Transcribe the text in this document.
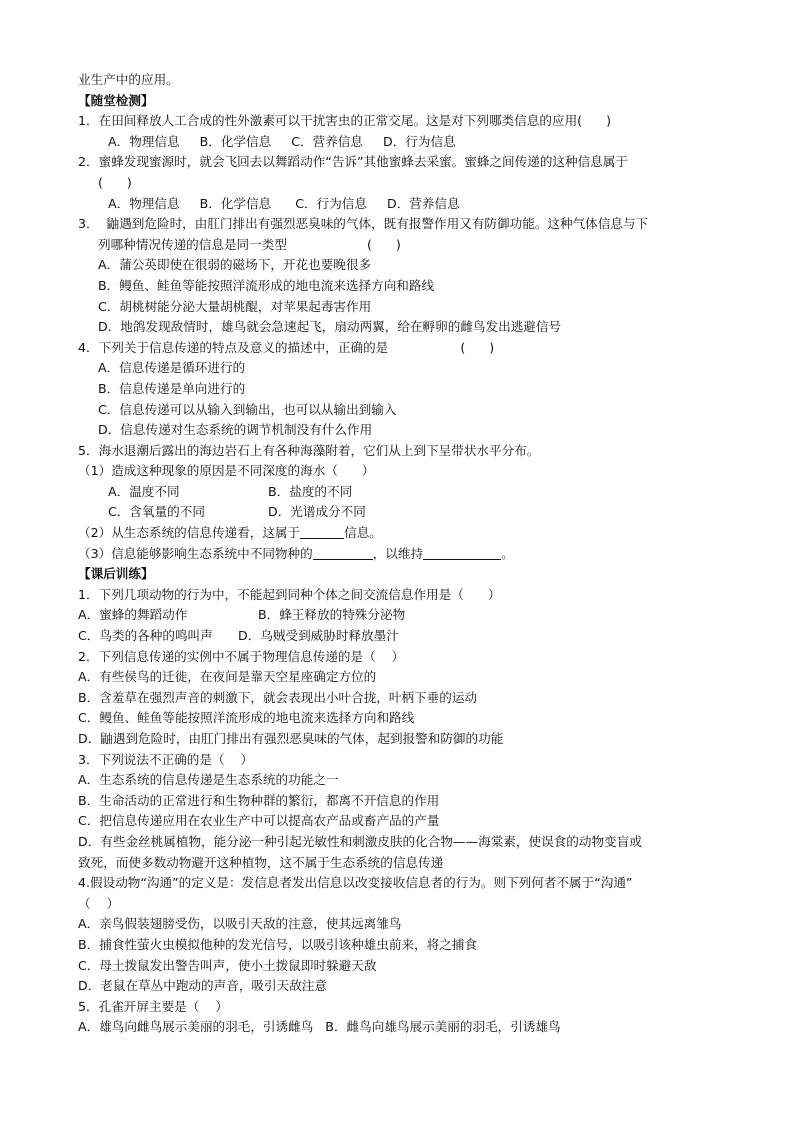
业生产中的应用。
【随堂检测】
1．在田间释放人工合成的性外激素可以干扰害虫的正常交尾。这是对下列哪类信息的应用(      )
A．物理信息     B．化学信息     C．营养信息     D．行为信息
2．蜜蜂发现蜜源时，就会飞回去以舞蹈动作“告诉”其他蜜蜂去采蜜。蜜蜂之间传递的这种信息属于
(      )
A．物理信息     B．化学信息      C．行为信息     D．营养信息
3．  鼬遇到危险时，由肛门排出有强烈恶臭味的气体，既有报警作用又有防御功能。这种气体信息与下
列哪种情况传递的信息是同一类型                    (      )
A．蒲公英即使在很弱的磁场下，开花也要晚很多
B．鳗鱼、鲑鱼等能按照洋流形成的地电流来选择方向和路线
C．胡桃树能分泌大量胡桃醌，对苹果起毒害作用
D．地鸽发现敌情时，雄鸟就会急速起飞，扇动两翼，给在孵卵的雌鸟发出逃避信号
4．下列关于信息传递的特点及意义的描述中，正确的是                  (      )
A．信息传递是循环进行的
B．信息传递是单向进行的
C．信息传递可以从输入到输出，也可以从输出到输入
D．信息传递对生态系统的调节机制没有什么作用
5．海水退潮后露出的海边岩石上有各种海藻附着，它们从上到下呈带状水平分布。
（1）造成这种现象的原因是不同深度的海水（      ）
A．温度不同	B．盐度的不同
C．含氧量的不同	D．光谱成分不同
（2）从生态系统的信息传递看，这属于	信息。
（3）信息能够影响生态系统中不同物种的	，以维持	。
【课后训练】
1．下列几项动物的行为中，不能起到同种个体之间交流信息作用是（      ）
A．蜜蜂的舞蹈动作	B．蜂王释放的特殊分泌物
C．鸟类的各种的鸣叫声 D．乌贼受到威胁时释放墨汁
2．下列信息传递的实例中不属于物理信息传递的是（    ）
A．有些侯鸟的迁徙，在夜间是靠天空星座确定方位的
B．含羞草在强烈声音的刺激下，就会表现出小叶合拢，叶柄下垂的运动
C．鳗鱼、鲑鱼等能按照洋流形成的地电流来选择方向和路线
D．鼬遇到危险时，由肛门排出有强烈恶臭味的气体，起到报警和防御的功能
3．下列说法不正确的是（    ）
A．生态系统的信息传递是生态系统的功能之一
B．生命活动的正常进行和生物种群的繁衍，都离不开信息的作用
C．把信息传递应用在农业生产中可以提高农产品或畜产品的产量
D．有些金丝桃属植物，能分泌一种引起光敏性和刺激皮肤的化合物——海棠素，使误食的动物变盲或
致死，而使多数动物避开这种植物，这不属于生态系统的信息传递
4.假设动物“沟通”的定义是：发信息者发出信息以改变接收信息者的行为。则下列何者不属于“沟通”
（    ）
A．亲鸟假装翅膀受伤，以吸引天敌的注意，使其远离雏鸟
B．捕食性萤火虫模拟他种的发光信号，以吸引该种雄虫前来，将之捕食
C．母土拨鼠发出警告叫声，使小土拨鼠即时躲避天敌
D．老鼠在草丛中跑动的声音，吸引天敌注意
5．孔雀开屏主要是（    ）
A．雄鸟向雌鸟展示美丽的羽毛，引诱雌鸟   B．雌鸟向雄鸟展示美丽的羽毛，引诱雄鸟
